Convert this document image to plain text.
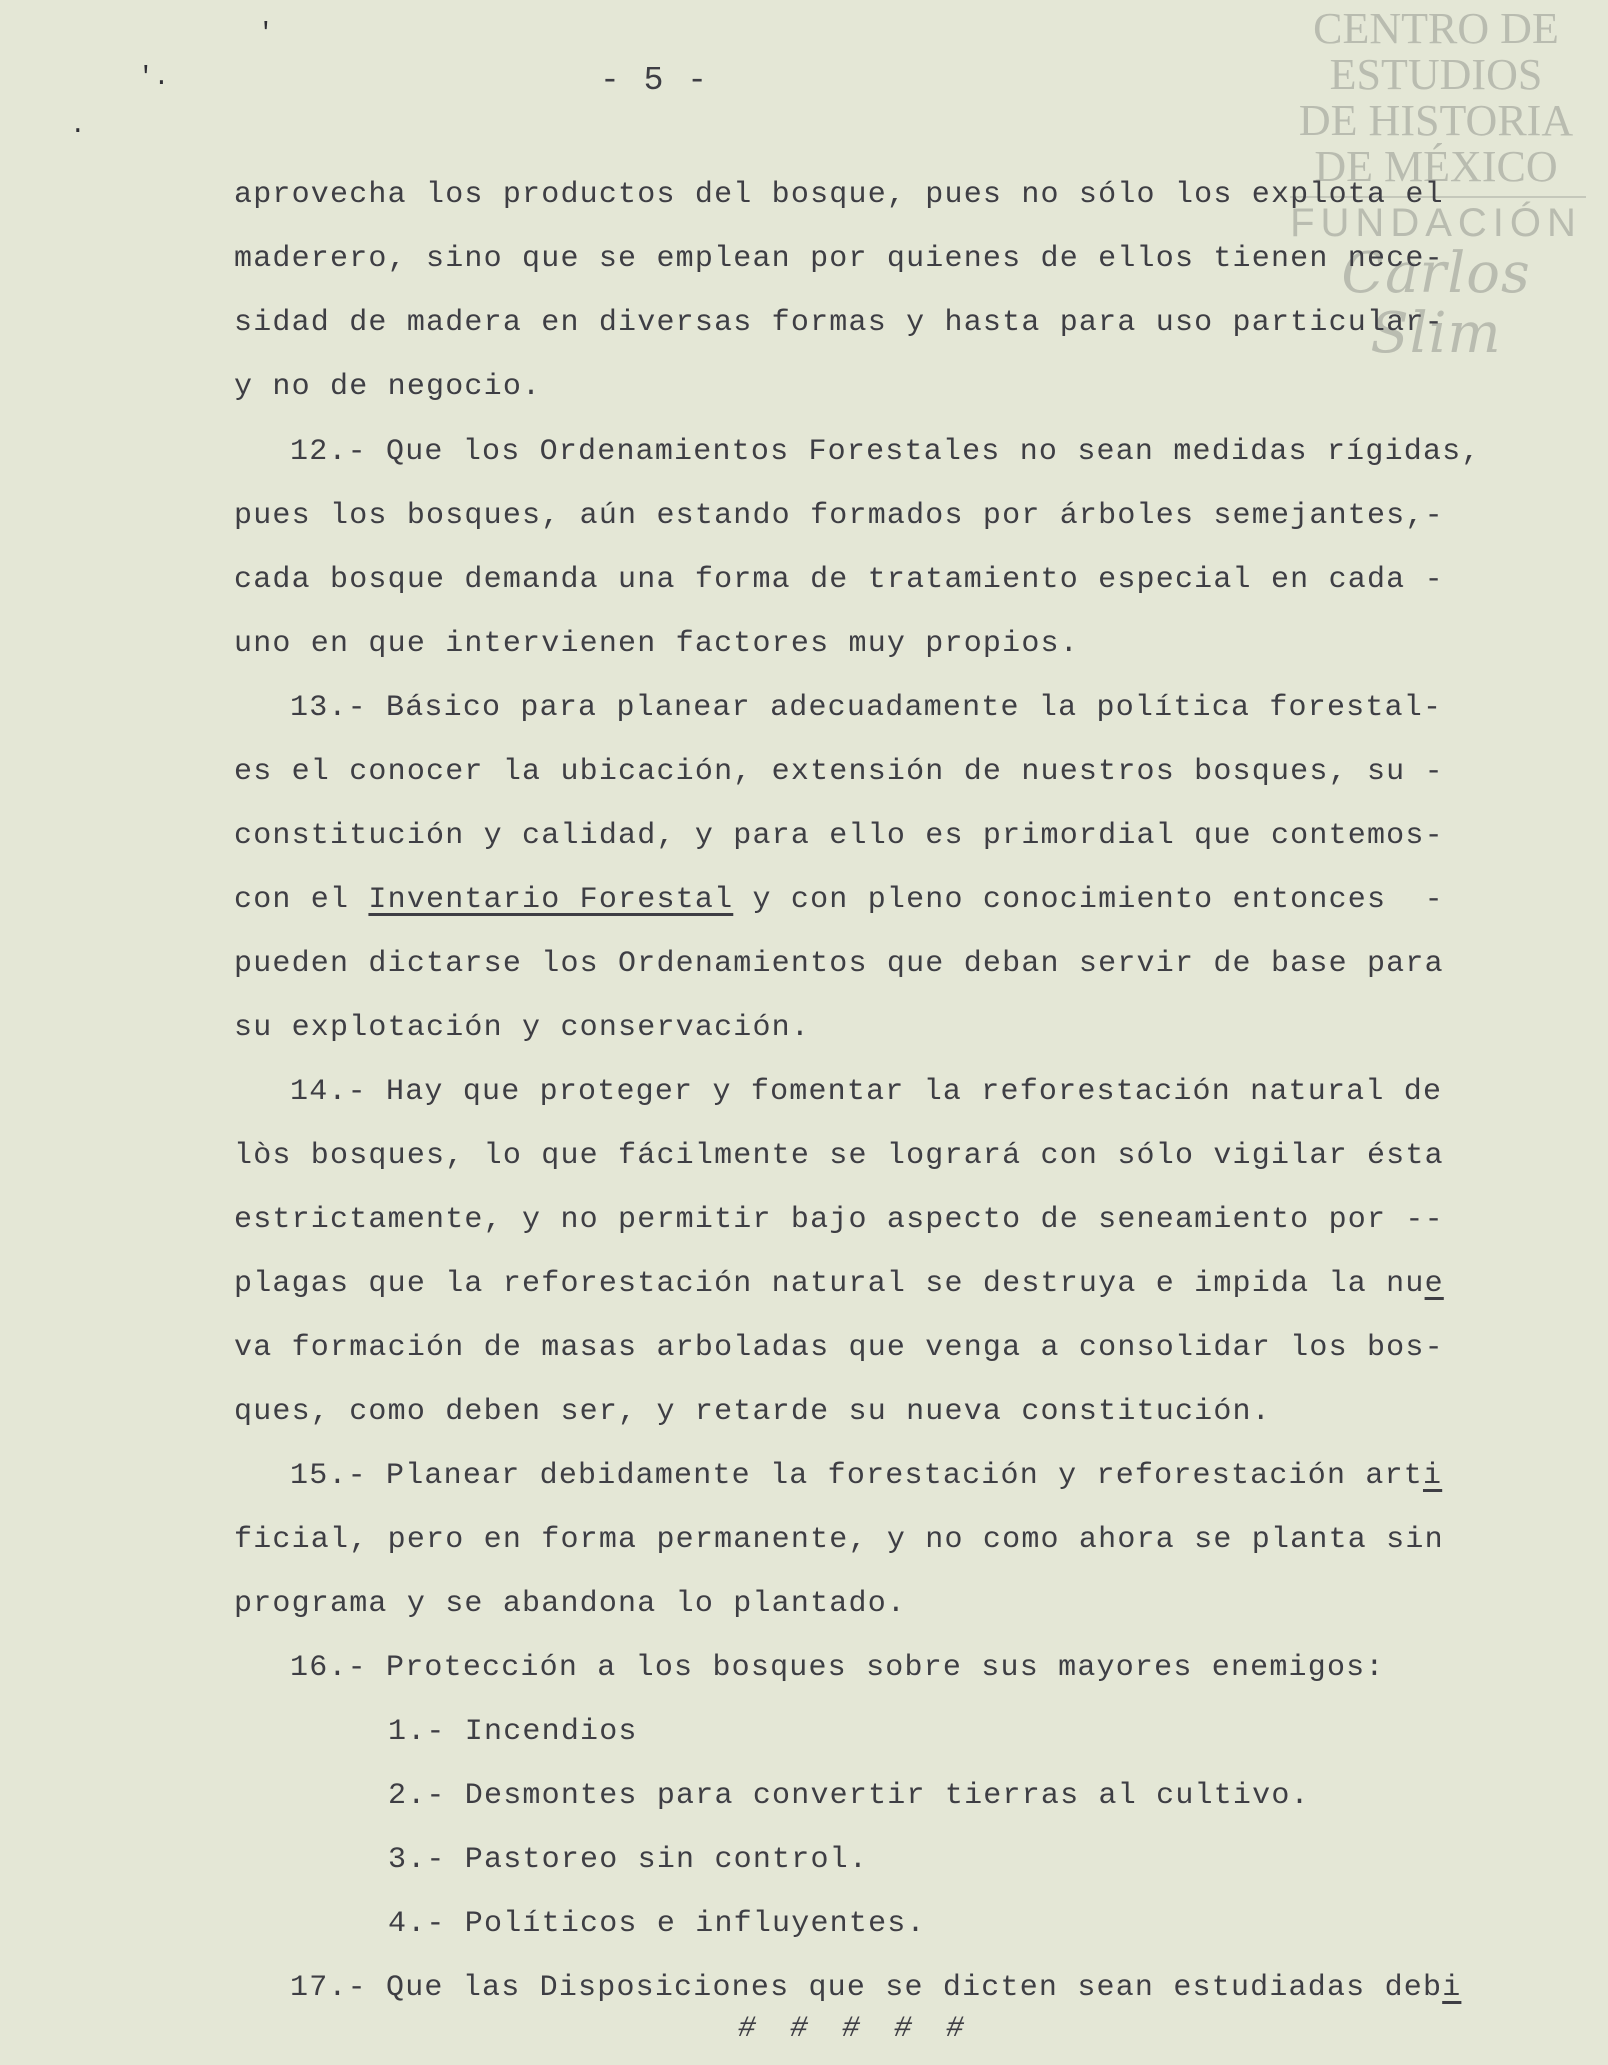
'
'.
.
- 5 -
CENTRO DE
ESTUDIOS
DE HISTORIA
DE MÉXICO
FUNDACIÓN
Carlos Slim
aprovecha los productos del bosque, pues no sólo los explota el
maderero, sino que se emplean por quienes de ellos tienen nece-
sidad de madera en diversas formas y hasta para uso particular-
y no de negocio.
12.- Que los Ordenamientos Forestales no sean medidas rígidas,
pues los bosques, aún estando formados por árboles semejantes,-
cada bosque demanda una forma de tratamiento especial en cada -
uno en que intervienen factores muy propios.
13.- Básico para planear adecuadamente la política forestal-
es el conocer la ubicación, extensión de nuestros bosques, su -
constitución y calidad, y para ello es primordial que contemos-
con el Inventario Forestal y con pleno conocimiento entonces  -
pueden dictarse los Ordenamientos que deban servir de base para
su explotación y conservación.
14.- Hay que proteger y fomentar la reforestación natural de
lòs bosques, lo que fácilmente se logrará con sólo vigilar ésta
estrictamente, y no permitir bajo aspecto de seneamiento por --
plagas que la reforestación natural se destruya e impida la nue
va formación de masas arboladas que venga a consolidar los bos-
ques, como deben ser, y retarde su nueva constitución.
15.- Planear debidamente la forestación y reforestación arti
ficial, pero en forma permanente, y no como ahora se planta sin
programa y se abandona lo plantado.
16.- Protección a los bosques sobre sus mayores enemigos:
1.- Incendios
2.- Desmontes para convertir tierras al cultivo.
3.- Pastoreo sin control.
4.- Políticos e influyentes.
17.- Que las Disposiciones que se dicten sean estudiadas debi
# # # # #
